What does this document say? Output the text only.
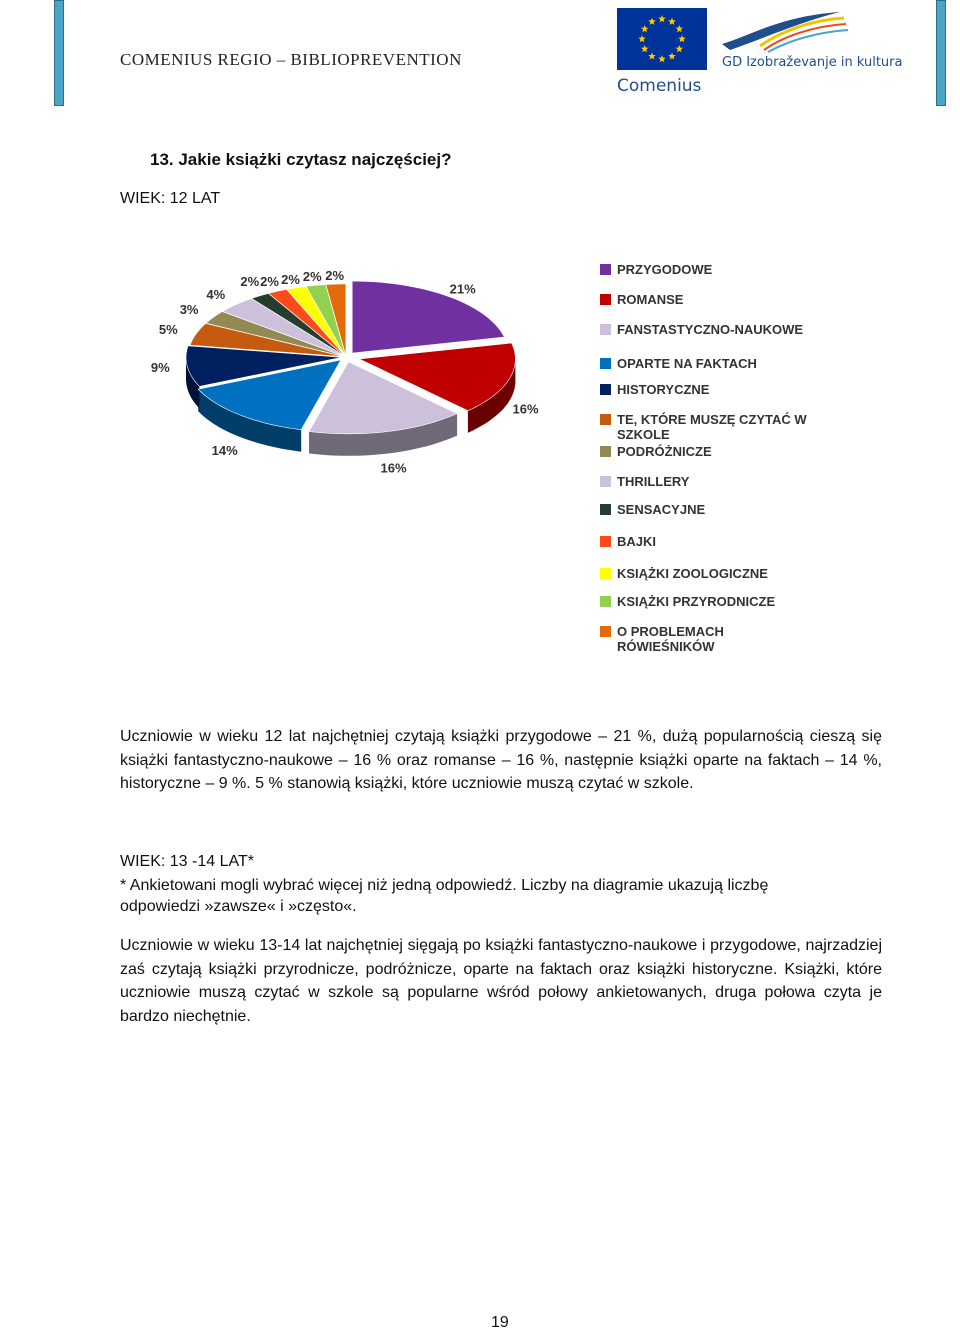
COMENIUS REGIO – BIBLIOPREVENTION
Comenius
GD Izobraževanje in kultura
13. Jakie książki czytasz najczęściej?
WIEK: 12 LAT
21%
16%
16%
14%
9%
5%
3%
4%
2% 2% 2% 2% 2%	PRZYGODOWE
ROMANSE
FANSTASTYCZNO-NAUKOWE
OPARTE NA FAKTACH
HISTORYCZNE
TE, KTÓRE MUSZĘ CZYTAĆ W SZKOLE
PODRÓŻNICZE
THRILLERY
SENSACYJNE
BAJKI
KSIĄŻKI ZOOLOGICZNE
KSIĄŻKI PRZYRODNICZE
O PROBLEMACH RÓWIEŚNIKÓW
Uczniowie w wieku 12 lat najchętniej czytają książki przygodowe – 21 %, dużą popularnością cieszą się książki fantastyczno-naukowe – 16 % oraz romanse – 16 %, następnie książki oparte na faktach – 14 %, historyczne – 9 %. 5 % stanowią książki, które uczniowie muszą czytać w szkole.
WIEK: 13 -14 LAT*
* Ankietowani mogli wybrać więcej niż jedną odpowiedź. Liczby na diagramie ukazują liczbę odpowiedzi »zawsze« i »często«.
Uczniowie w wieku 13-14 lat najchętniej sięgają po książki fantastyczno-naukowe i przygodowe, najrzadziej zaś czytają książki przyrodnicze, podróżnicze, oparte na faktach oraz książki historyczne. Książki, które uczniowie muszą czytać w szkole są popularne wśród połowy ankietowanych, druga połowa czyta je bardzo niechętnie.
19
